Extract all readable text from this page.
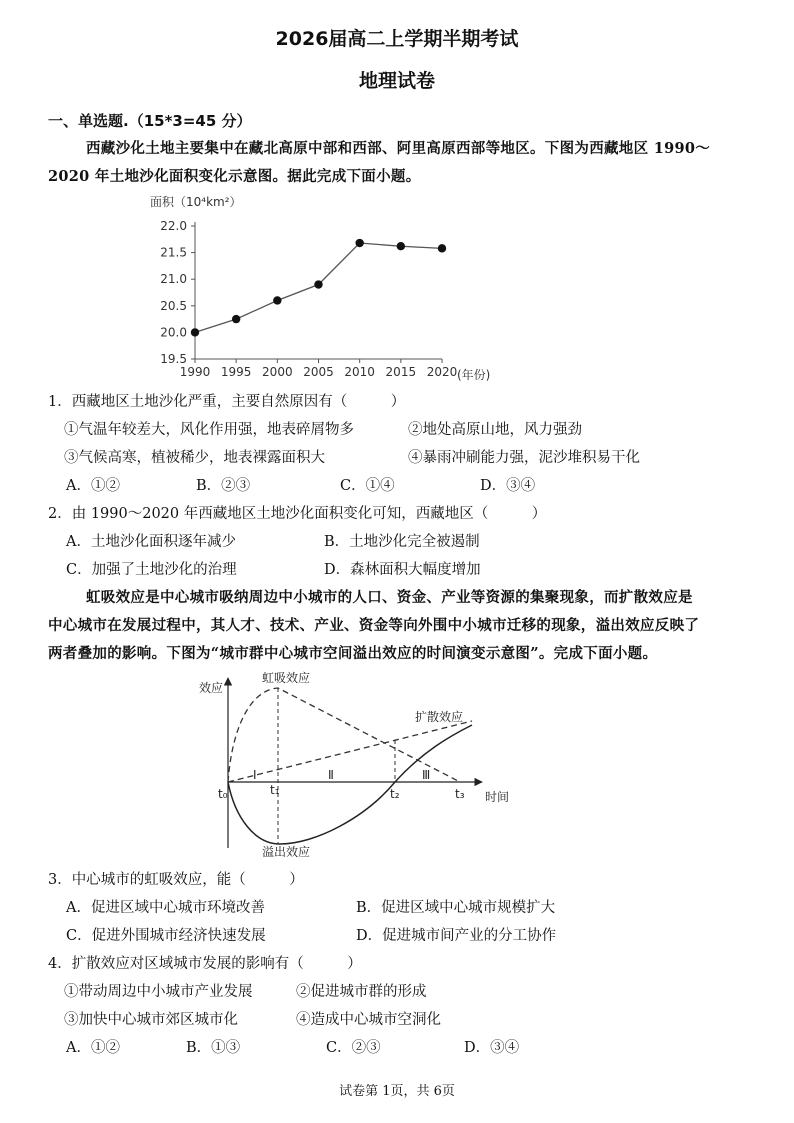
2026届高二上学期半期考试
地理试卷
一、单选题.（15*3=45 分）
西藏沙化土地主要集中在藏北高原中部和西部、阿里高原西部等地区。下图为西藏地区 1990～
2020 年土地沙化面积变化示意图。据此完成下面小题。
面积（10⁴km²）
19.5
20.0
20.5
21.0
21.5
22.0
1990 1995 2000 2005 2010 2015 2020 (年份)
1．西藏地区土地沙化严重，主要自然原因有（　　　）
①气温年较差大，风化作用强，地表碎屑物多	②地处高原山地，风力强劲
③气候高寒，植被稀少，地表裸露面积大	④暴雨冲刷能力强，泥沙堆积易干化
A．①②	B．②③	C．①④	D．③④
2．由 1990～2020 年西藏地区土地沙化面积变化可知，西藏地区（　　　）
A．土地沙化面积逐年减少	B．土地沙化完全被遏制
C．加强了土地沙化的治理	D．森林面积大幅度增加
虹吸效应是中心城市吸纳周边中小城市的人口、资金、产业等资源的集聚现象，而扩散效应是
中心城市在发展过程中，其人才、技术、产业、资金等向外围中小城市迁移的现象，溢出效应反映了
两者叠加的影响。下图为“城市群中心城市空间溢出效应的时间演变示意图”。完成下面小题。
效应
时间
虹吸效应
扩散效应
溢出效应
Ⅰ	Ⅱ	Ⅲ
t₀	t₁	t₂	t₃
3．中心城市的虹吸效应，能（　　　）
A．促进区域中心城市环境改善	B．促进区域中心城市规模扩大
C．促进外围城市经济快速发展	D．促进城市间产业的分工协作
4．扩散效应对区域城市发展的影响有（　　　）
①带动周边中小城市产业发展	②促进城市群的形成
③加快中心城市郊区城市化	④造成中心城市空洞化
A．①②	B．①③	C．②③	D．③④
试卷第 1页，共 6页
